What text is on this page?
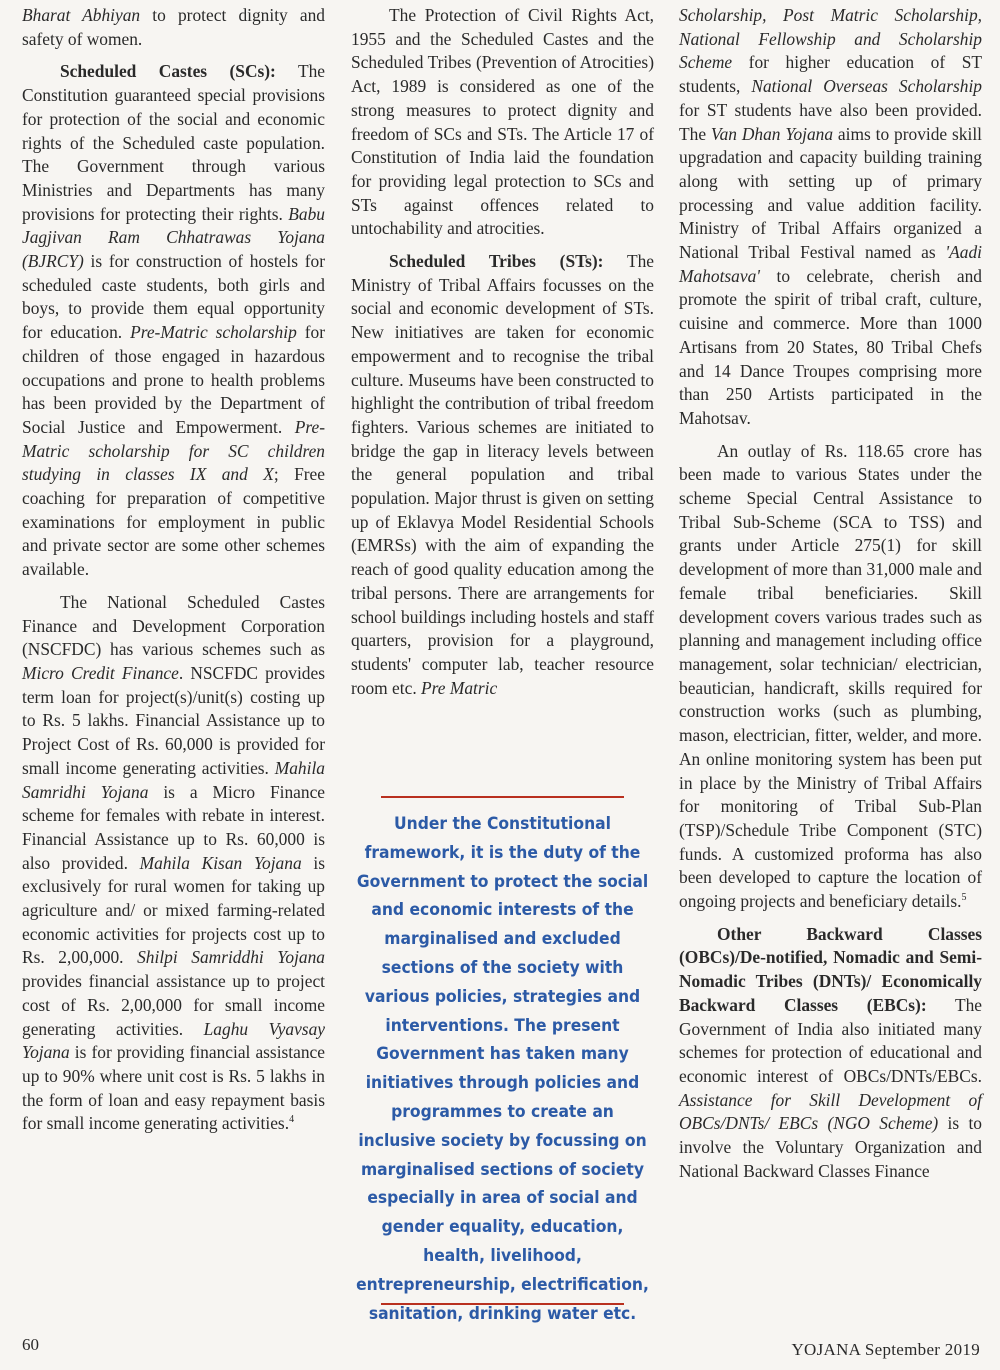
Bharat Abhiyan to protect dignity and safety of women.

Scheduled Castes (SCs): The Constitution guaranteed special provisions for protection of the social and economic rights of the Scheduled caste population. The Government through various Ministries and Departments has many provisions for protecting their rights. Babu Jagjivan Ram Chhatrawas Yojana (BJRCY) is for construction of hostels for scheduled caste students, both girls and boys, to provide them equal opportunity for education. Pre-Matric scholarship for children of those engaged in hazardous occupations and prone to health problems has been provided by the Department of Social Justice and Empowerment. Pre-Matric scholarship for SC children studying in classes IX and X; Free coaching for preparation of competitive examinations for employment in public and private sector are some other schemes available.

The National Scheduled Castes Finance and Development Corporation (NSCFDC) has various schemes such as Micro Credit Finance. NSCFDC provides term loan for project(s)/unit(s) costing up to Rs. 5 lakhs. Financial Assistance up to Project Cost of Rs. 60,000 is provided for small income generating activities. Mahila Samridhi Yojana is a Micro Finance scheme for females with rebate in interest. Financial Assistance up to Rs. 60,000 is also provided. Mahila Kisan Yojana is exclusively for rural women for taking up agriculture and/ or mixed farming-related economic activities for projects cost up to Rs. 2,00,000. Shilpi Samriddhi Yojana provides financial assistance up to project cost of Rs. 2,00,000 for small income generating activities. Laghu Vyavsay Yojana is for providing financial assistance up to 90% where unit cost is Rs. 5 lakhs in the form of loan and easy repayment basis for small income generating activities.$^4$

The Protection of Civil Rights Act, 1955 and the Scheduled Castes and the Scheduled Tribes (Prevention of Atrocities) Act, 1989 is considered as one of the strong measures to protect dignity and freedom of SCs and STs. The Article 17 of Constitution of India laid the foundation for providing legal protection to SCs and STs against offences related to untochability and atrocities.

Scheduled Tribes (STs): The Ministry of Tribal Affairs focusses on the social and economic development of STs. New initiatives are taken for economic empowerment and to recognise the tribal culture. Museums have been constructed to highlight the contribution of tribal freedom fighters. Various schemes are initiated to bridge the gap in literacy levels between the general population and tribal population. Major thrust is given on setting up of Eklavya Model Residential Schools (EMRSs) with the aim of expanding the reach of good quality education among the tribal persons. There are arrangements for school buildings including hostels and staff quarters, provision for a playground, students' computer lab, teacher resource room etc. Pre Matric

Under the Constitutional framework, it is the duty of the Government to protect the social and economic interests of the marginalised and excluded sections of the society with various policies, strategies and interventions. The present Government has taken many initiatives through policies and programmes to create an inclusive society by focussing on marginalised sections of society especially in area of social and gender equality, education, health, livelihood, entrepreneurship, electrification, sanitation, drinking water etc.

Scholarship, Post Matric Scholarship, National Fellowship and Scholarship Scheme for higher education of ST students, National Overseas Scholarship for ST students have also been provided. The Van Dhan Yojana aims to provide skill upgradation and capacity building training along with setting up of primary processing and value addition facility. Ministry of Tribal Affairs organized a National Tribal Festival named as 'Aadi Mahotsava' to celebrate, cherish and promote the spirit of tribal craft, culture, cuisine and commerce. More than 1000 Artisans from 20 States, 80 Tribal Chefs and 14 Dance Troupes comprising more than 250 Artists participated in the Mahotsav.

An outlay of Rs. 118.65 crore has been made to various States under the scheme Special Central Assistance to Tribal Sub-Scheme (SCA to TSS) and grants under Article 275(1) for skill development of more than 31,000 male and female tribal beneficiaries. Skill development covers various trades such as planning and management including office management, solar technician/ electrician, beautician, handicraft, skills required for construction works (such as plumbing, mason, electrician, fitter, welder, and more. An online monitoring system has been put in place by the Ministry of Tribal Affairs for monitoring of Tribal Sub-Plan (TSP)/Schedule Tribe Component (STC) funds. A customized proforma has also been developed to capture the location of ongoing projects and beneficiary details.$^5$

Other Backward Classes (OBCs)/De-notified, Nomadic and Semi-Nomadic Tribes (DNTs)/ Economically Backward Classes (EBCs): The Government of India also initiated many schemes for protection of educational and economic interest of OBCs/DNTs/EBCs. Assistance for Skill Development of OBCs/DNTs/ EBCs (NGO Scheme) is to involve the Voluntary Organization and National Backward Classes Finance

60	YOJANA September 2019
